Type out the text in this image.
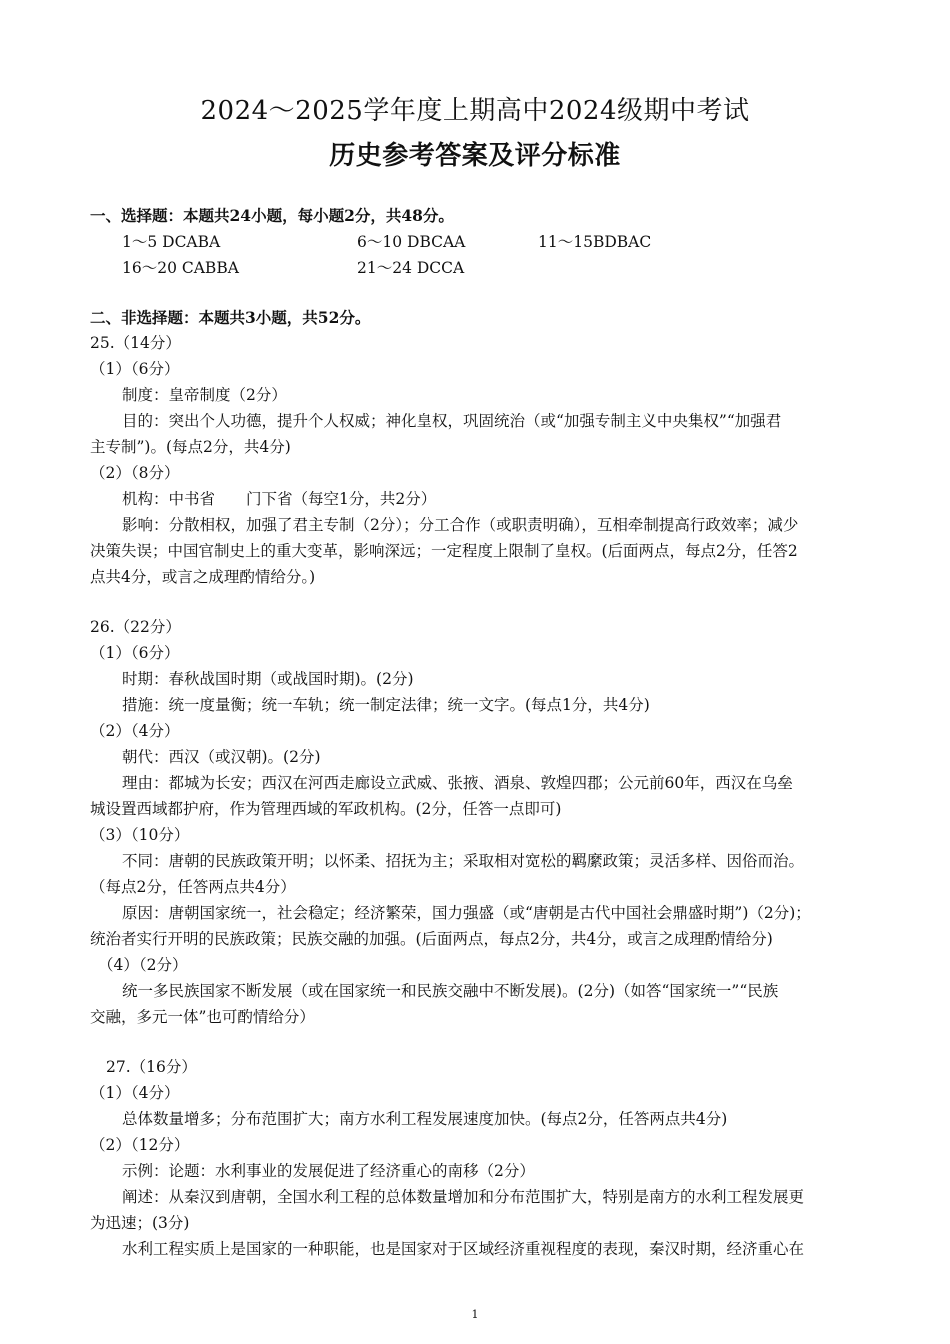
2024～2025学年度上期高中2024级期中考试
历史参考答案及评分标准
一、选择题：本题共24小题，每小题2分，共48分。
1～5 DCABA	6～10 DBCAA	11～15BDBAC
16～20 CABBA	21～24 DCCA
二、非选择题：本题共3小题，共52分。
25.（14分）
（1）（6分）
制度：皇帝制度（2分）
目的：突出个人功德，提升个人权威；神化皇权，巩固统治（或“加强专制主义中央集权”“加强君
主专制”)。(每点2分，共4分)
（2）（8分）
机构：中书省　　门下省（每空1分，共2分）
影响：分散相权，加强了君主专制（2分）；分工合作（或职责明确），互相牵制提高行政效率；减少
决策失误；中国官制史上的重大变革，影响深远；一定程度上限制了皇权。(后面两点，每点2分，任答2
点共4分，或言之成理酌情给分。)
26.（22分）
（1）（6分）
时期：春秋战国时期（或战国时期)。(2分)
措施：统一度量衡；统一车轨；统一制定法律；统一文字。(每点1分，共4分)
（2）（4分）
朝代：西汉（或汉朝)。(2分)
理由：都城为长安；西汉在河西走廊设立武威、张掖、酒泉、敦煌四郡；公元前60年，西汉在乌垒
城设置西域都护府，作为管理西域的军政机构。(2分，任答一点即可)
（3）（10分）
不同：唐朝的民族政策开明；以怀柔、招抚为主；采取相对宽松的羁縻政策；灵活多样、因俗而治。
（每点2分，任答两点共4分）
原因：唐朝国家统一，社会稳定；经济繁荣，国力强盛（或“唐朝是古代中国社会鼎盛时期”)（2分)；
统治者实行开明的民族政策；民族交融的加强。(后面两点，每点2分，共4分，或言之成理酌情给分)
（4）（2分）
统一多民族国家不断发展（或在国家统一和民族交融中不断发展)。(2分)（如答“国家统一”“民族
交融，多元一体”也可酌情给分）
27.（16分）
（1）（4分）
总体数量增多；分布范围扩大；南方水利工程发展速度加快。(每点2分，任答两点共4分)
（2）（12分）
示例：论题：水利事业的发展促进了经济重心的南移（2分）
阐述：从秦汉到唐朝，全国水利工程的总体数量增加和分布范围扩大，特别是南方的水利工程发展更
为迅速；(3分)
水利工程实质上是国家的一种职能，也是国家对于区域经济重视程度的表现，秦汉时期，经济重心在
1
